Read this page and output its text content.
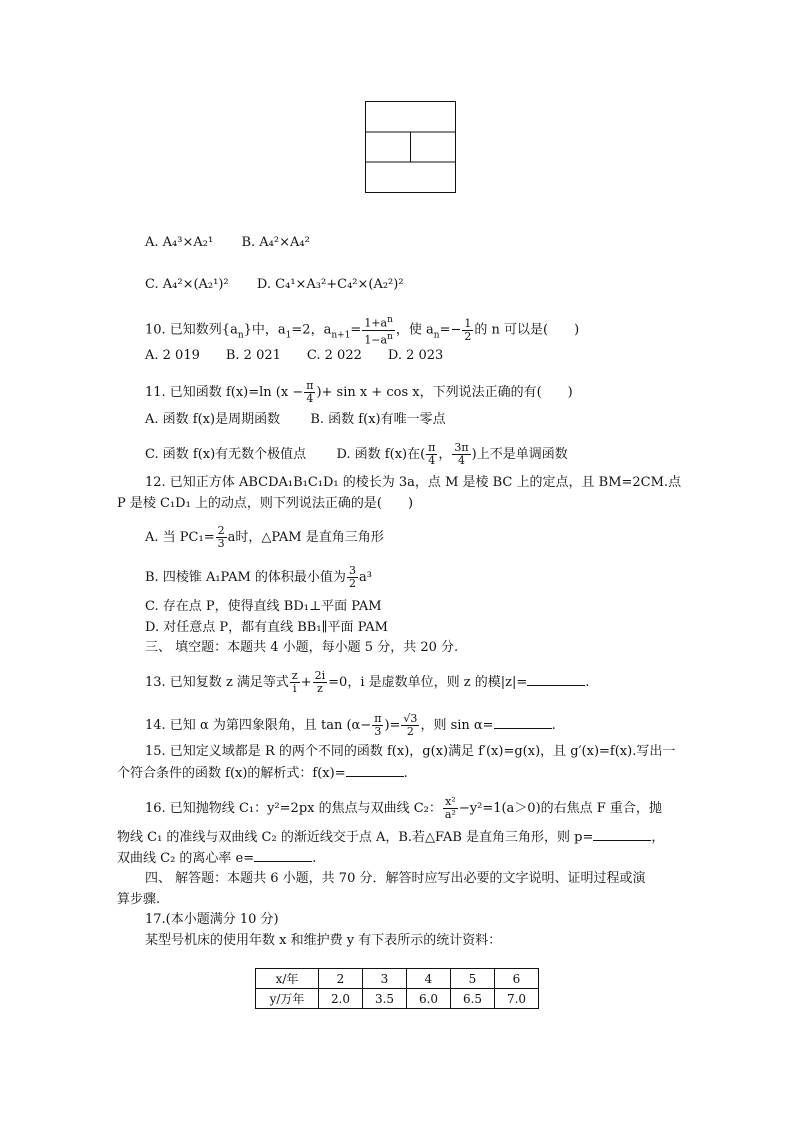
A. A₄³×A₂¹ B. A₄²×A₄²
C. A₄²×(A₂¹)² D. C₄¹×A₃²+C₄²×(A₂²)²
10. 已知数列$\{a_n\}$中，$a_1=2$，$a_{n+1}= \frac{1+a^n}{1-a^n}$ ，使 $a_n=- \frac{1}{2}$ 的 n 可以是(　　)
A. 2 019　　B. 2 021　　C. 2 022　　D. 2 023
11. 已知函数 f(x)=ln ($x - \frac{\pi}{4}$ )+ sin x + cos x，下列说法正确的有(　　)
A. 函数 f(x)是周期函数 B. 函数 f(x)有唯一零点
C. 函数 f(x)有无数个极值点 D. 函数 f(x)在( $\frac{\pi}{4}$ ， $\frac{3\pi}{4}$ )上不是单调函数
12. 已知正方体 ABCDA₁B₁C₁D₁ 的棱长为 3a，点 M 是棱 BC 上的定点，且 BM=2CM.点
P 是棱 C₁D₁ 上的动点，则下列说法正确的是(　　)
A. 当 $PC_1= \frac{2}{3}$ a时，△PAM 是直角三角形
B. 四棱锥 A₁PAM 的体积最小值为 $\frac{3}{2} a^3$
C. 存在点 P，使得直线 BD₁⊥平面 PAM
D. 对任意点 P，都有直线 BB₁∥平面 PAM
三、 填空题：本题共 4 小题，每小题 5 分，共 20 分.
13. 已知复数 z 满足等式 $\frac{z}{i} + \frac{2i}{z} =0$，i 是虚数单位，则 z 的模|z|=	.
14. 已知 α 为第四象限角，且 $\tan (\alpha- \frac{\pi}{3}$ )= $\frac{√3}{2}$ ，则 sin α=	.
15. 已知定义域都是 R 的两个不同的函数 f(x)，g(x)满足 f′(x)=g(x)，且 g′(x)=f(x).写出一
个符合条件的函数 f(x)的解析式：f(x)=	.
16. 已知抛物线 C₁：y²=2px 的焦点与双曲线 C₂： $\frac{\text{x²}}{\text{a²}} -y^2=1(a>0)$的右焦点 F 重合，抛
物线 C₁ 的准线与双曲线 C₂ 的渐近线交于点 A，B.若△FAB 是直角三角形，则 p=	，
双曲线 C₂ 的离心率 e=	.
四、 解答题：本题共 6 小题，共 70 分．解答时应写出必要的文字说明、证明过程或演
算步骤.
17.(本小题满分 10 分)
某型号机床的使用年数 x 和维护费 y 有下表所示的统计资料：
x/年	2	3	4	5	6
y/万年	2.0	3.5	6.0	6.5	7.0
